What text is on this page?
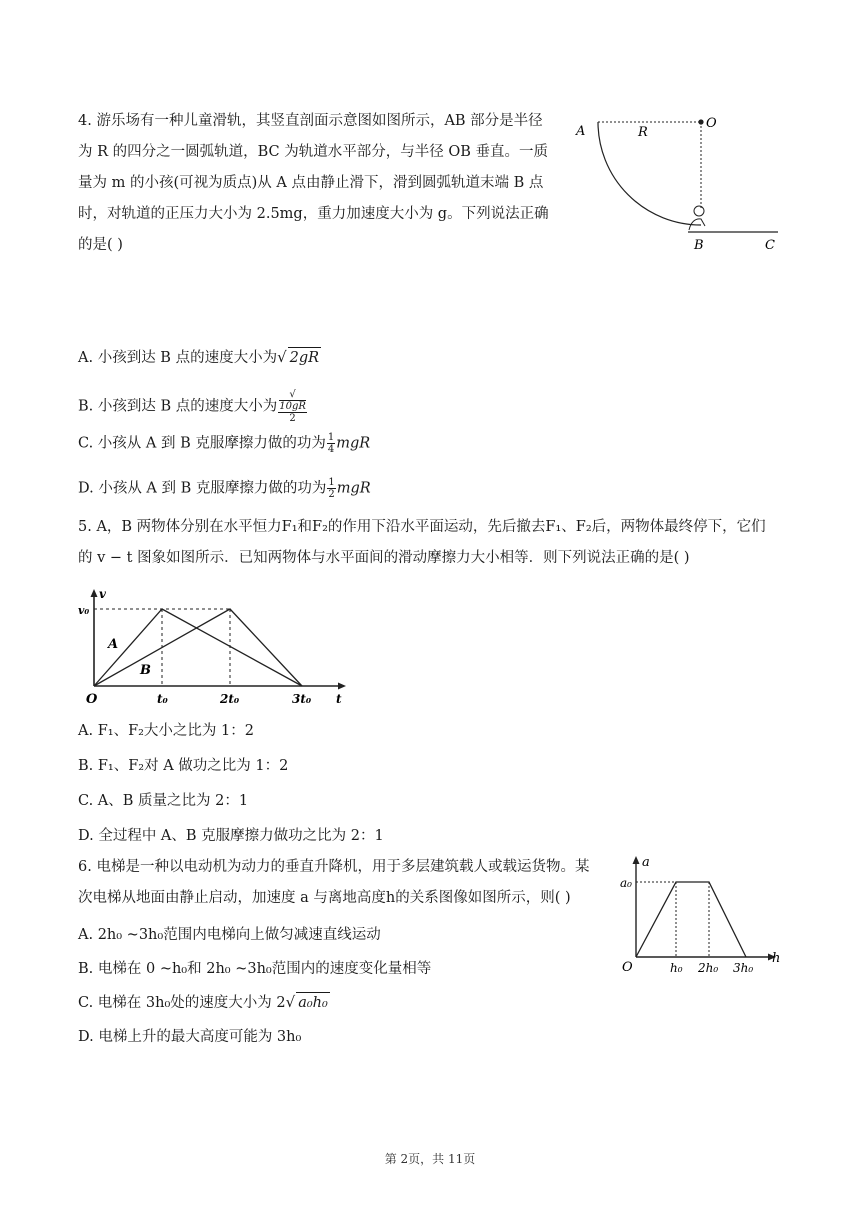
4. 游乐场有一种儿童滑轨，其竖直剖面示意图如图所示，AB 部分是半径

为 R 的四分之一圆弧轨道，BC 为轨道水平部分，与半径 OB 垂直。一质

量为 m 的小孩(可视为质点)从 A 点由静止滑下，滑到圆弧轨道末端 B 点

时，对轨道的正压力大小为 2.5mg，重力加速度大小为 g。下列说法正确

的是( )

A	R
O
B	C
A. 小孩到达 B 点的速度大小为√ 2gR
B. 小孩到达 B 点的速度大小为 √
10gR
2
C. 小孩从 A 到 B 克服摩擦力做的功为 $\frac{1}{4}$ mgR
D. 小孩从 A 到 B 克服摩擦力做的功为 $\frac{1}{2}$ mgR

5. A，B 两物体分别在水平恒力F₁和F₂的作用下沿水平面运动，先后撤去F₁、F₂后，两物体最终停下，它们

的 v − t 图象如图所示．已知两物体与水平面间的滑动摩擦力大小相等．则下列说法正确的是( )

v
v₀
A
B
O	t₀	2t₀	3t₀ t
A. F₁、F₂大小之比为 1：2
B. F₁、F₂对 A 做功之比为 1：2
C. A、B 质量之比为 2：1
D. 全过程中 A、B 克服摩擦力做功之比为 2：1

6. 电梯是一种以电动机为动力的垂直升降机，用于多层建筑载人或载运货物。某

次电梯从地面由静止启动，加速度 a 与离地高度h的关系图像如图所示，则( )

a
a₀
O	h₀ 2h₀ 3h₀
h
A. 2h₀ ~3h₀范围内电梯向上做匀减速直线运动
B. 电梯在 0 ~h₀和 2h₀ ~3h₀范围内的速度变化量相等
C. 电梯在 3h₀处的速度大小为 2√ a₀h₀
D. 电梯上升的最大高度可能为 3h₀
第 2页，共 11页
